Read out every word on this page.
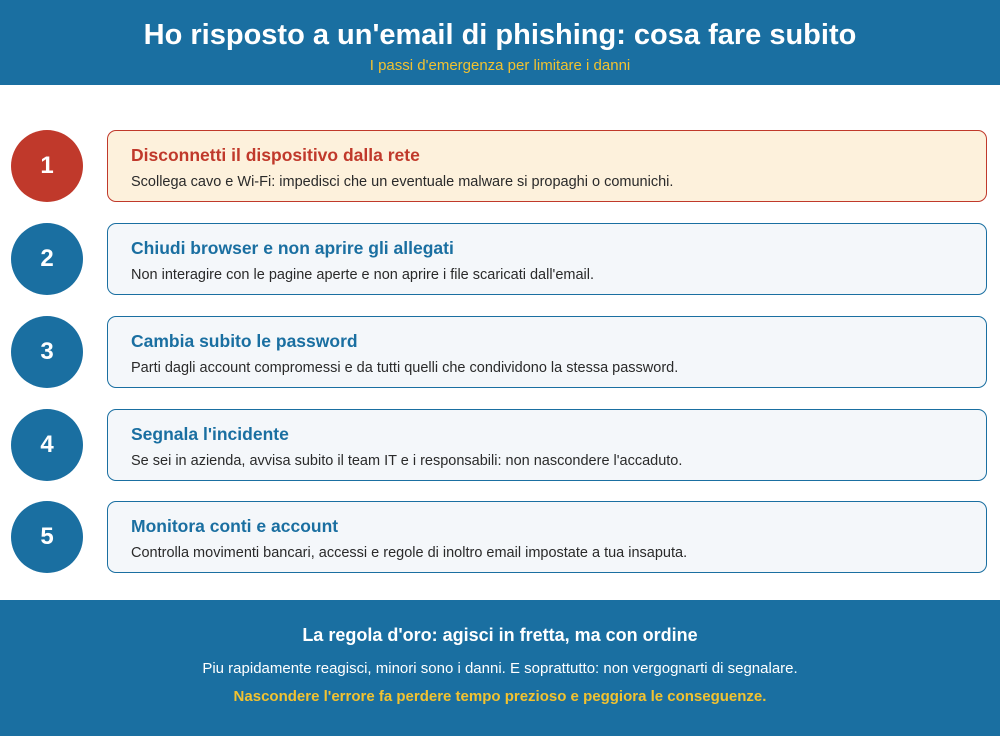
Ho risposto a un'email di phishing: cosa fare subito
I passi d'emergenza per limitare i danni
1	Disconnetti il dispositivo dalla rete
Scollega cavo e Wi-Fi: impedisci che un eventuale malware si propaghi o comunichi.
2	Chiudi browser e non aprire gli allegati
Non interagire con le pagine aperte e non aprire i file scaricati dall'email.
3	Cambia subito le password
Parti dagli account compromessi e da tutti quelli che condividono la stessa password.
4	Segnala l'incidente
Se sei in azienda, avvisa subito il team IT e i responsabili: non nascondere l'accaduto.
5	Monitora conti e account
Controlla movimenti bancari, accessi e regole di inoltro email impostate a tua insaputa.
La regola d'oro: agisci in fretta, ma con ordine
Piu rapidamente reagisci, minori sono i danni. E soprattutto: non vergognarti di segnalare.
Nascondere l'errore fa perdere tempo prezioso e peggiora le conseguenze.
